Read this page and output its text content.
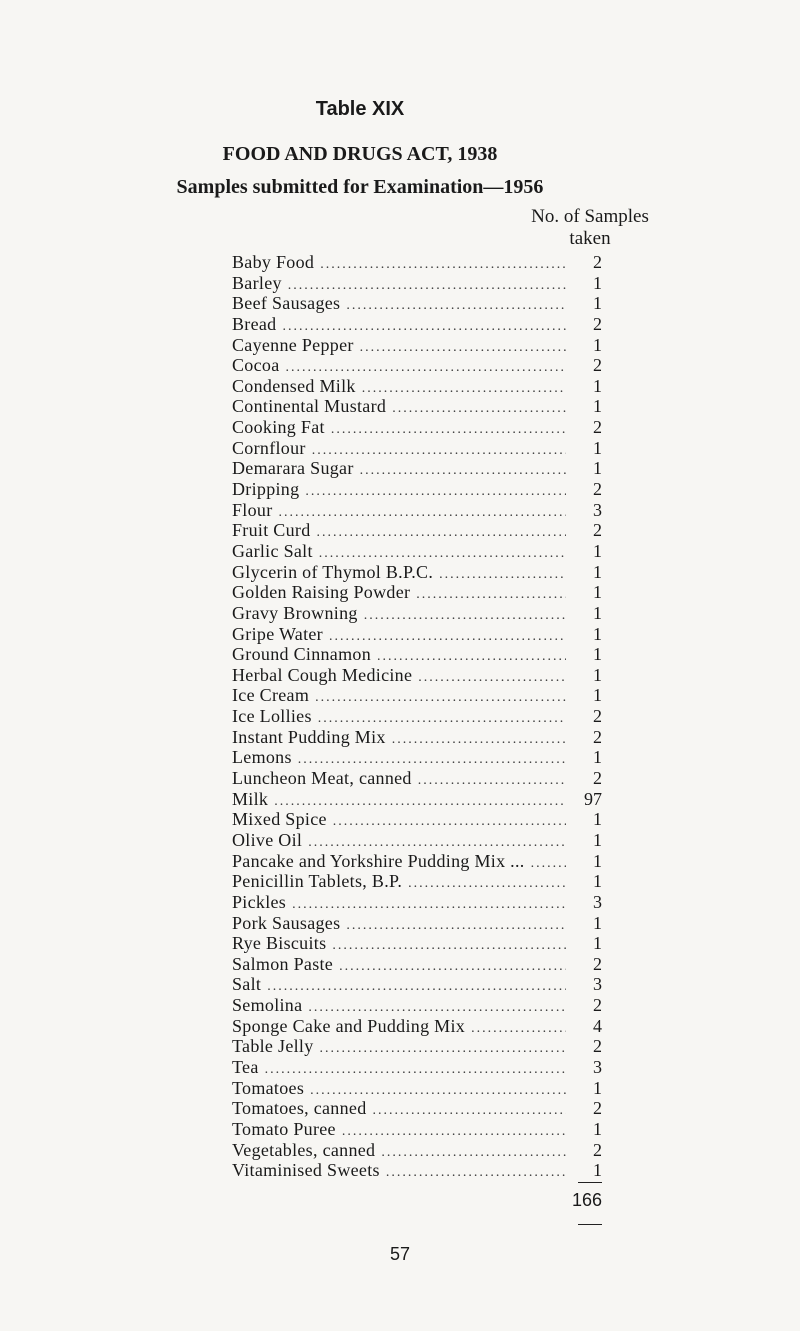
Table XIX
FOOD AND DRUGS ACT, 1938
Samples submitted for Examination—1956
No. of Samples
taken
Baby Food .....	2
Barley .....	1
Beef Sausages .....	1
Bread .....	2
Cayenne Pepper .....	1
Cocoa .....	2
Condensed Milk .....	1
Continental Mustard .....	1
Cooking Fat .....	2
Cornflour .....	1
Demarara Sugar .....	1
Dripping .....	2
Flour .....	3
Fruit Curd .....	2
Garlic Salt .....	1
Glycerin of Thymol B.P.C. .....	1
Golden Raising Powder .....	1
Gravy Browning .....	1
Gripe Water .....	1
Ground Cinnamon .....	1
Herbal Cough Medicine .....	1
Ice Cream .....	1
Ice Lollies .....	2
Instant Pudding Mix .....	2
Lemons .....	1
Luncheon Meat, canned .....	2
Milk .....	97
Mixed Spice .....	1
Olive Oil .....	1
Pancake and Yorkshire Pudding Mix ... .....	1
Penicillin Tablets, B.P. .....	1
Pickles .....	3
Pork Sausages .....	1
Rye Biscuits .....	1
Salmon Paste .....	2
Salt .....	3
Semolina .....	2
Sponge Cake and Pudding Mix .....	4
Table Jelly .....	2
Tea .....	3
Tomatoes .....	1
Tomatoes, canned .....	2
Tomato Puree .....	1
Vegetables, canned .....	2
Vitaminised Sweets .....	1
166
57
